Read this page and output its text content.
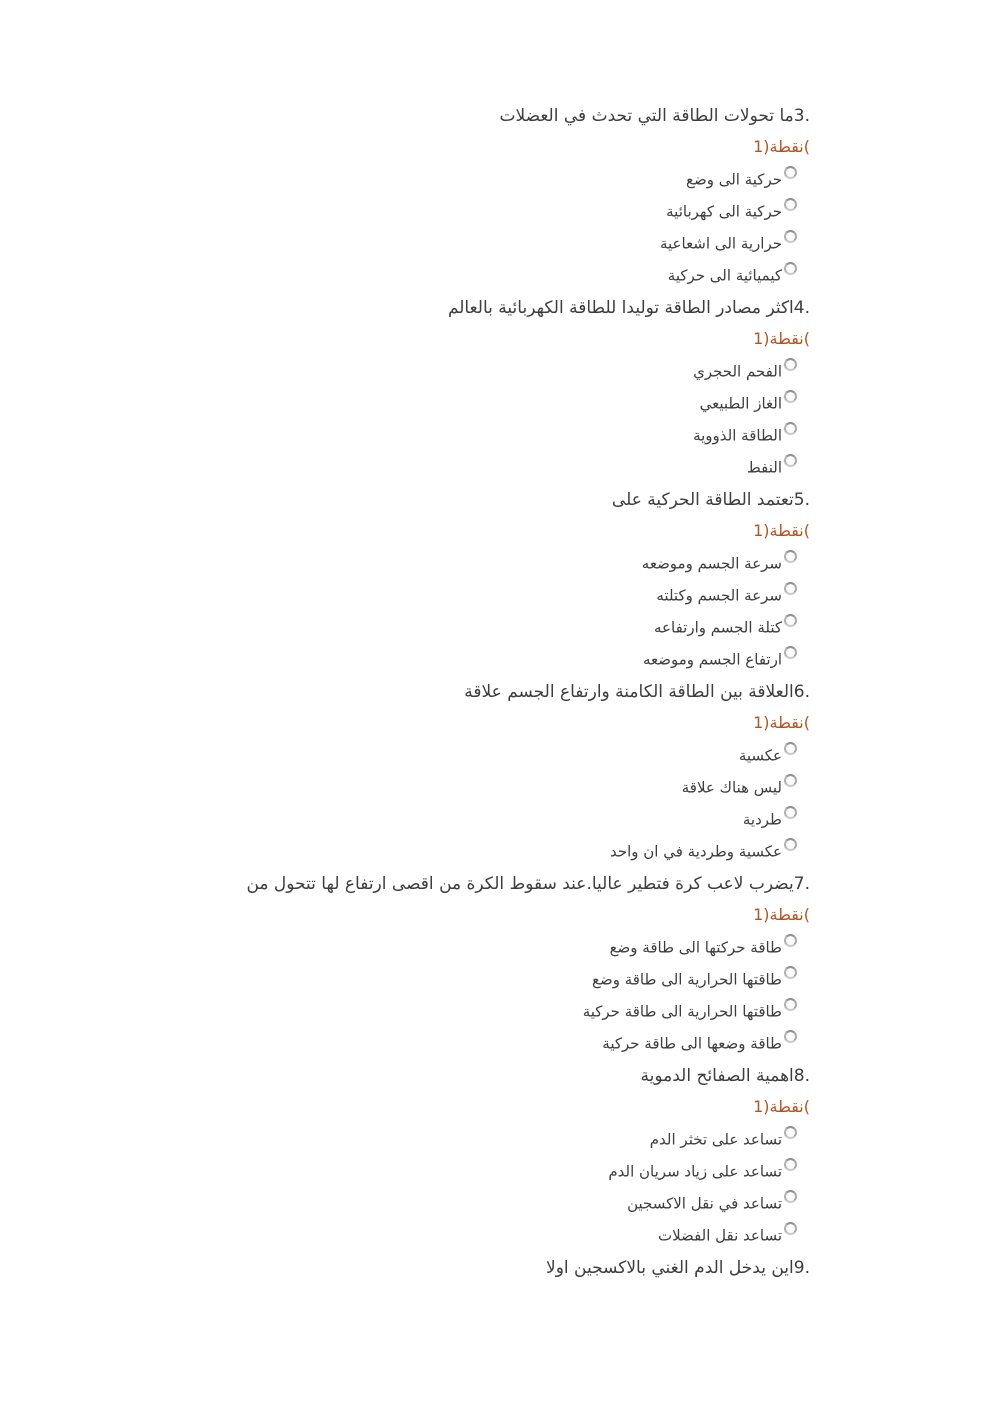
.3ما تحولات الطاقة التي تحدث في العضلات
1)نقطة(
حركية الى وضع
حركية الى كهربائية
حرارية الى اشعاعية
كيميائية الى حركية
.4اكثر مصادر الطاقة توليدا للطاقة الكهربائية بالعالم
1)نقطة(
الفحم الحجري
الغاز الطبيعي
الطاقة الذووية
النفط
.5تعتمد الطاقة الحركية على
1)نقطة(
سرعة الجسم وموضعه
سرعة الجسم وكتلته
كتلة الجسم وارتفاعه
ارتفاع الجسم وموضعه
.6العلاقة بين الطاقة الكامنة وارتفاع الجسم علاقة
1)نقطة(
عكسية
ليس هناك علاقة
طردية
عكسية وطردية في ان واحد
.7يضرب لاعب كرة فتطير عاليا.عند سقوط الكرة من اقصى ارتفاع لها تتحول من
1)نقطة(
طاقة حركتها الى طاقة وضع
طاقتها الحرارية الى طاقة وضع
طاقتها الحرارية الى طاقة حركية
طاقة وضعها الى طاقة حركية
.8اهمية الصفائح الدموية
1)نقطة(
تساعد على تخثر الدم
تساعد على زياد سريان الدم
تساعد في نقل الاكسجين
تساعد نقل الفضلات
.9اين يدخل الدم الغني بالاكسجين اولا
